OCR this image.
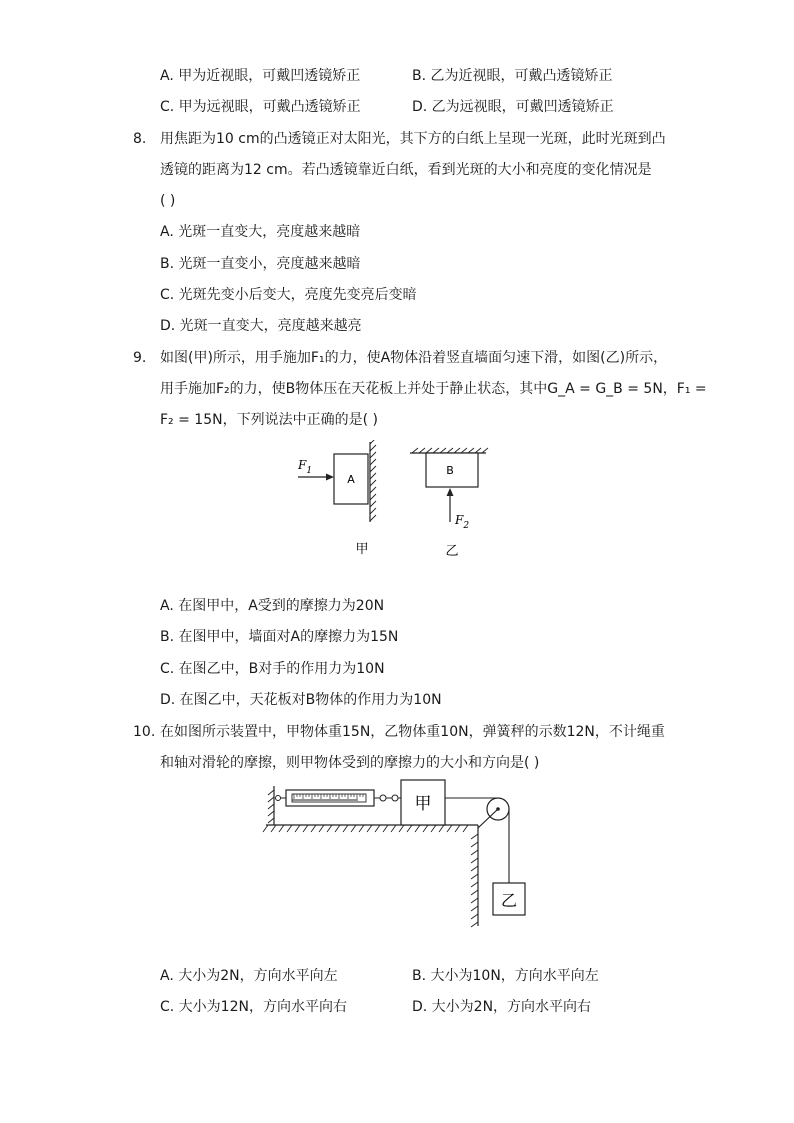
A. 甲为近视眼，可戴凹透镜矫正	B. 乙为近视眼，可戴凸透镜矫正
C. 甲为远视眼，可戴凸透镜矫正	D. 乙为远视眼，可戴凹透镜矫正
8. 用焦距为10 cm的凸透镜正对太阳光，其下方的白纸上呈现一光斑，此时光斑到凸
透镜的距离为12 cm。若凸透镜靠近白纸，看到光斑的大小和亮度的变化情况是
( )
A. 光斑一直变大，亮度越来越暗
B. 光斑一直变小，亮度越来越暗
C. 光斑先变小后变大，亮度先变亮后变暗
D. 光斑一直变大，亮度越来越亮
9. 如图(甲)所示，用手施加F₁的力，使A物体沿着竖直墙面匀速下滑，如图(乙)所示，
用手施加F₂的力，使B物体压在天花板上并处于静止状态，其中G_A = G_B = 5N，F₁ =
F₂ = 15N，下列说法中正确的是( )
A
$F_1$
甲
B
$F_2$
乙
A. 在图甲中，A受到的摩擦力为20N
B. 在图甲中，墙面对A的摩擦力为15N
C. 在图乙中，B对手的作用力为10N
D. 在图乙中，天花板对B物体的作用力为10N
10. 在如图所示装置中，甲物体重15N，乙物体重10N，弹簧秤的示数12N，不计绳重
和轴对滑轮的摩擦，则甲物体受到的摩擦力的大小和方向是( )
甲
乙
A. 大小为2N，方向水平向左	B. 大小为10N，方向水平向左
C. 大小为12N，方向水平向右	D. 大小为2N，方向水平向右
